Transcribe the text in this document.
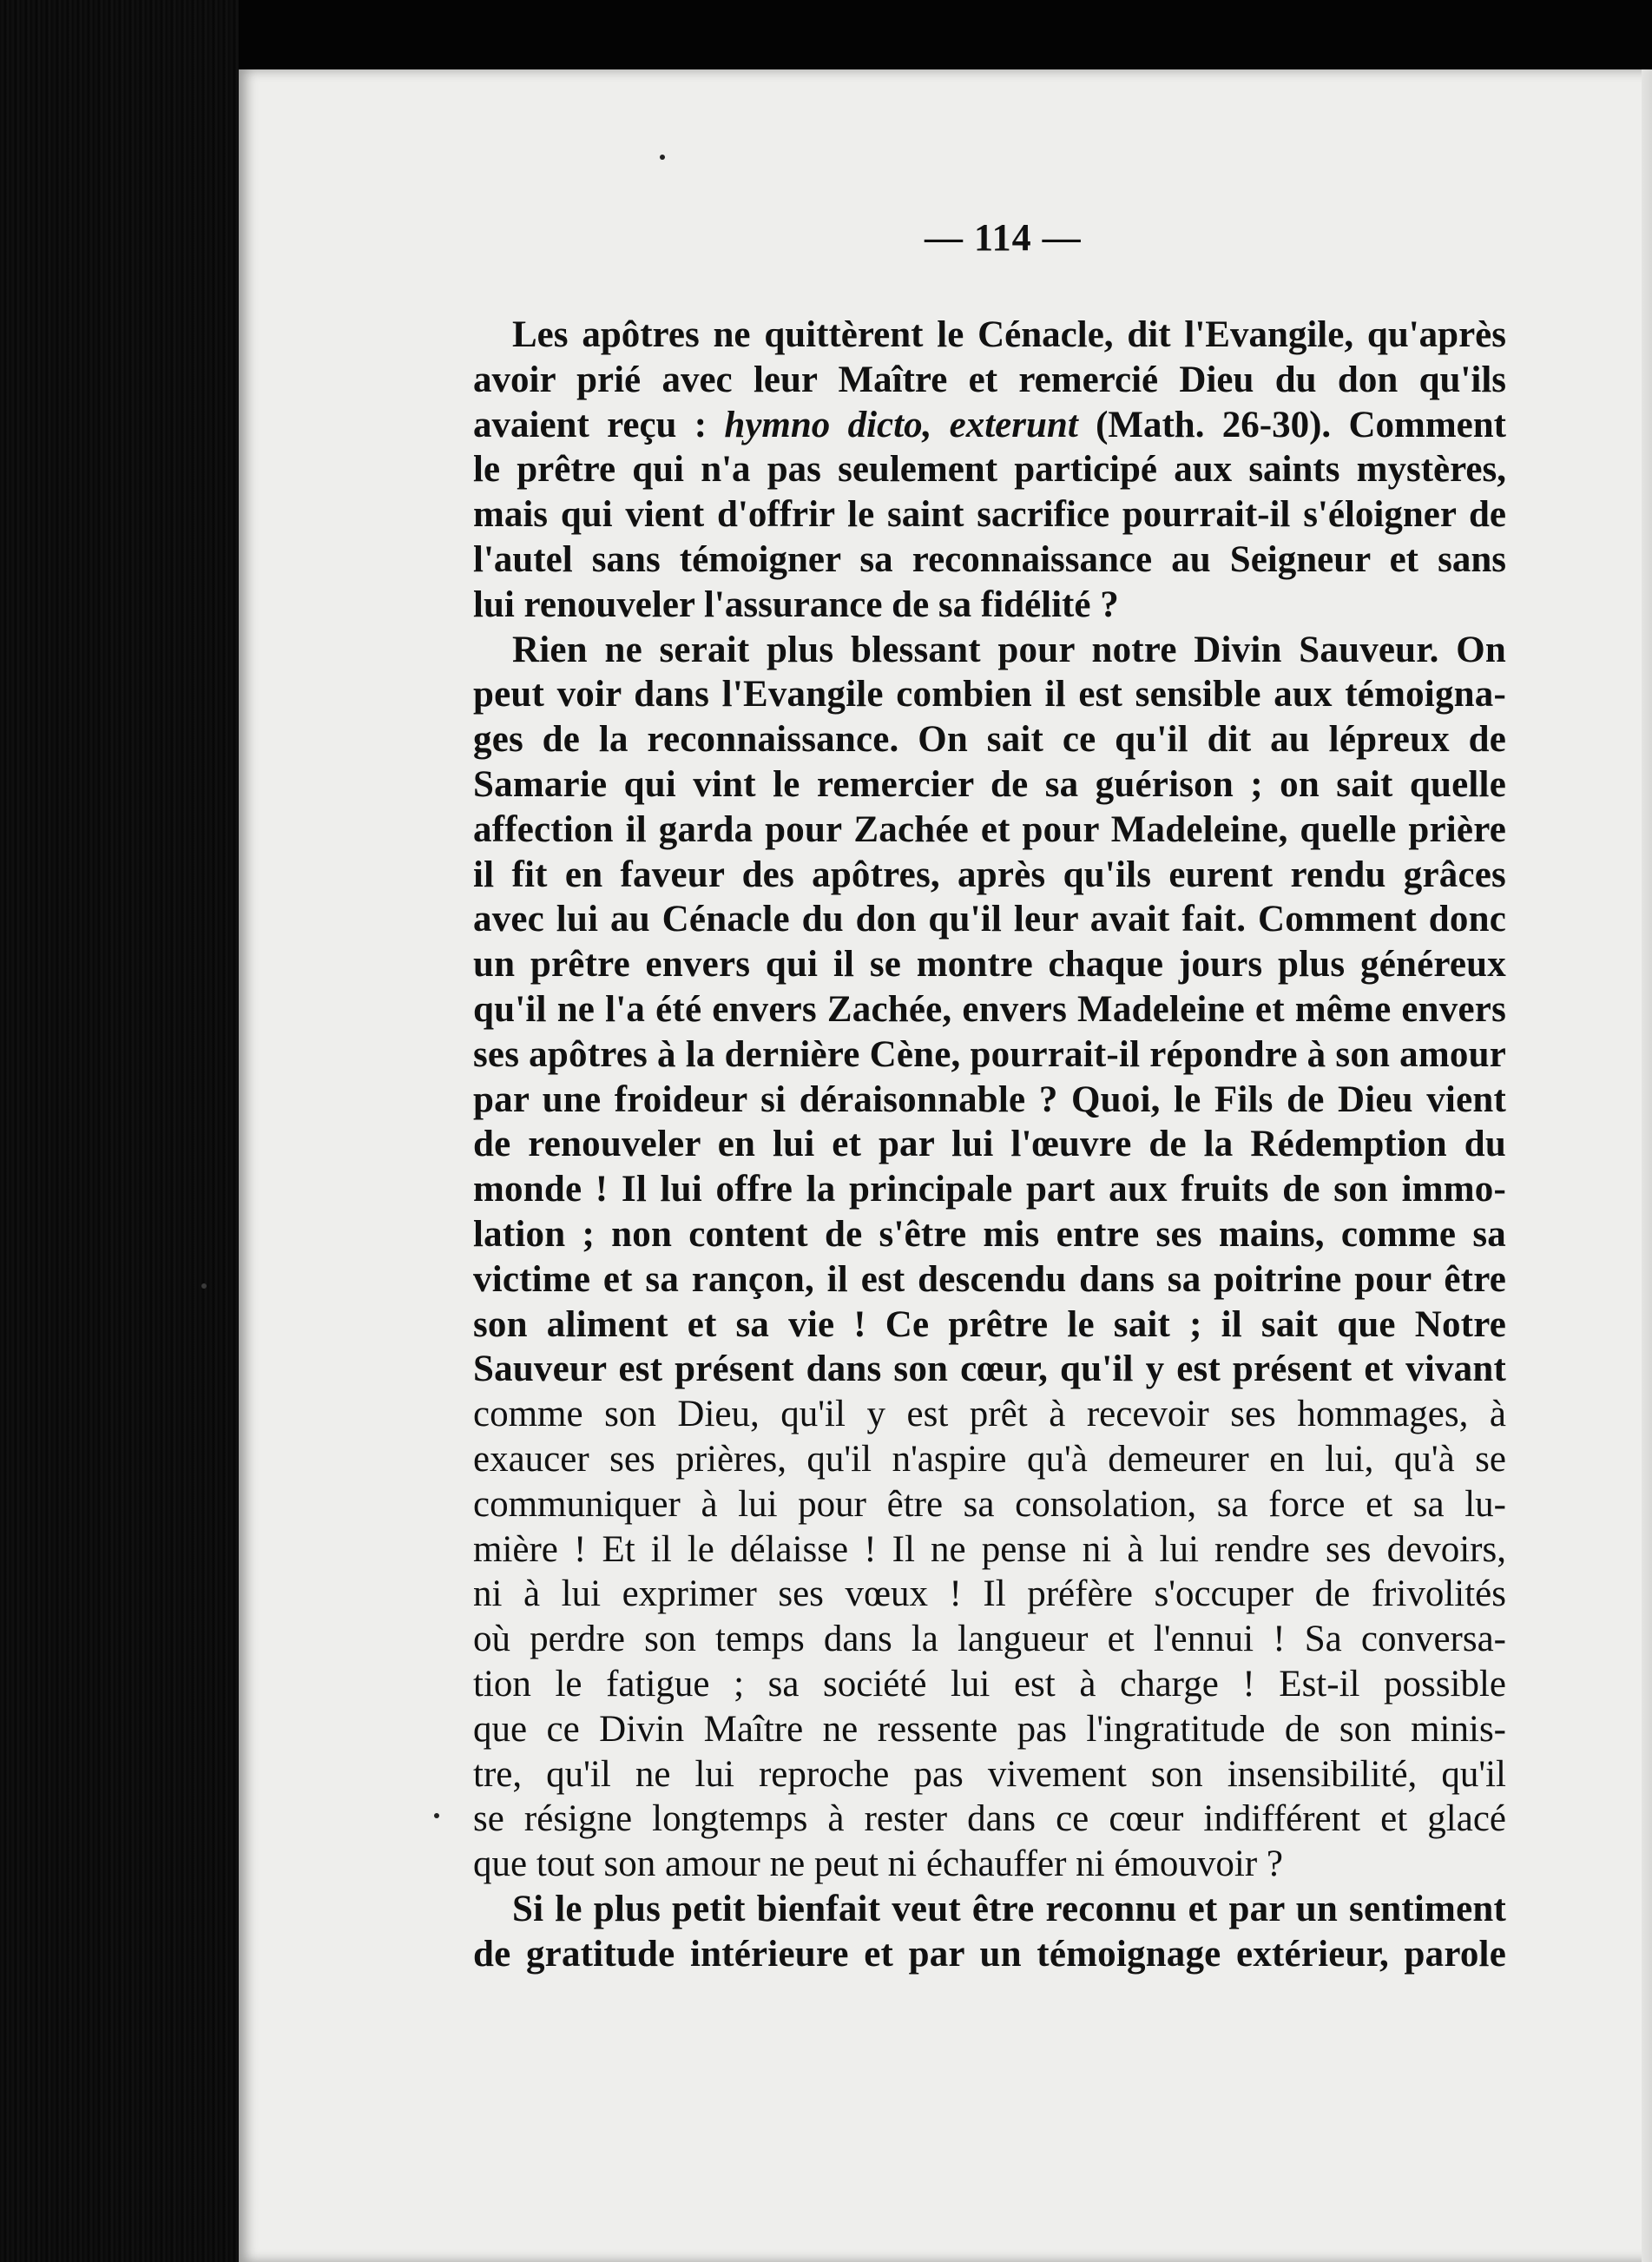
— 114 —
Les apôtres ne quittèrent le Cénacle, dit l'Evangile, qu'après
avoir prié avec leur Maître et remercié Dieu du don qu'ils
avaient reçu : hymno dicto, exterunt (Math. 26-30). Comment
le prêtre qui n'a pas seulement participé aux saints mystères,
mais qui vient d'offrir le saint sacrifice pourrait-il s'éloigner de
l'autel sans témoigner sa reconnaissance au Seigneur et sans
lui renouveler l'assurance de sa fidélité ?
Rien ne serait plus blessant pour notre Divin Sauveur. On
peut voir dans l'Evangile combien il est sensible aux témoigna-
ges de la reconnaissance. On sait ce qu'il dit au lépreux de
Samarie qui vint le remercier de sa guérison ; on sait quelle
affection il garda pour Zachée et pour Madeleine, quelle prière
il fit en faveur des apôtres, après qu'ils eurent rendu grâces
avec lui au Cénacle du don qu'il leur avait fait. Comment donc
un prêtre envers qui il se montre chaque jours plus généreux
qu'il ne l'a été envers Zachée, envers Madeleine et même envers
ses apôtres à la dernière Cène, pourrait-il répondre à son amour
par une froideur si déraisonnable ? Quoi, le Fils de Dieu vient
de renouveler en lui et par lui l'œuvre de la Rédemption du
monde ! Il lui offre la principale part aux fruits de son immo-
lation ; non content de s'être mis entre ses mains, comme sa
victime et sa rançon, il est descendu dans sa poitrine pour être
son aliment et sa vie ! Ce prêtre le sait ; il sait que Notre
Sauveur est présent dans son cœur, qu'il y est présent et vivant
comme son Dieu, qu'il y est prêt à recevoir ses hommages, à
exaucer ses prières, qu'il n'aspire qu'à demeurer en lui, qu'à se
communiquer à lui pour être sa consolation, sa force et sa lu-
mière ! Et il le délaisse ! Il ne pense ni à lui rendre ses devoirs,
ni à lui exprimer ses vœux ! Il préfère s'occuper de frivolités
où perdre son temps dans la langueur et l'ennui ! Sa conversa-
tion le fatigue ; sa société lui est à charge ! Est-il possible
que ce Divin Maître ne ressente pas l'ingratitude de son minis-
tre, qu'il ne lui reproche pas vivement son insensibilité, qu'il
se résigne longtemps à rester dans ce cœur indifférent et glacé
que tout son amour ne peut ni échauffer ni émouvoir ?
Si le plus petit bienfait veut être reconnu et par un sentiment
de gratitude intérieure et par un témoignage extérieur, parole
